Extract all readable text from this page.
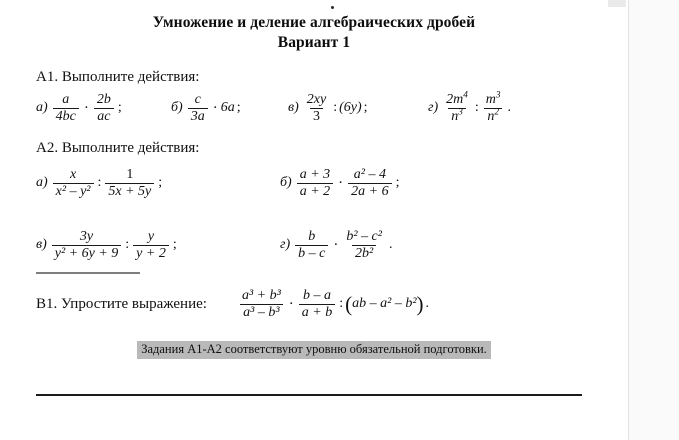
Умножение и деление алгебраических дробей
Вариант 1
А1. Выполните действия:
$а) \frac{a}{4bc} \cdot \frac{2b}{ac}$ ;	$б) \frac{c}{3a} \cdot 6a$ ;	$в) \frac{2xy}{3}$ : (6y) ;	$г) \frac{2m^4}{n^3}$ : $\frac{m^3}{n^2}$ .
А2. Выполните действия:
$а) \frac{x}{\text{x² – y²}}$ : $\frac{1}{5x + 5y}$ ;	$б) \frac{a + 3}{a + 2} \cdot \frac{\text{a² – 4}}{2a + 6}$ ;
$в) \frac{3y}{\text{y² + 6y + 9}}$ : $\frac{y}{y + 2}$ ;	$г) \frac{b}{b - c} \cdot \frac{\text{b² – c²}}{\text{2b²}}$ .
B1. Упростите выражение: $\frac{\text{a³ + b³}}{\text{a³ – b³}} \cdot \frac{b - a}{a + b}$ : ( ab – a² – b² ) .
Задания А1-А2 соответствуют уровню обязательной подготовки.
